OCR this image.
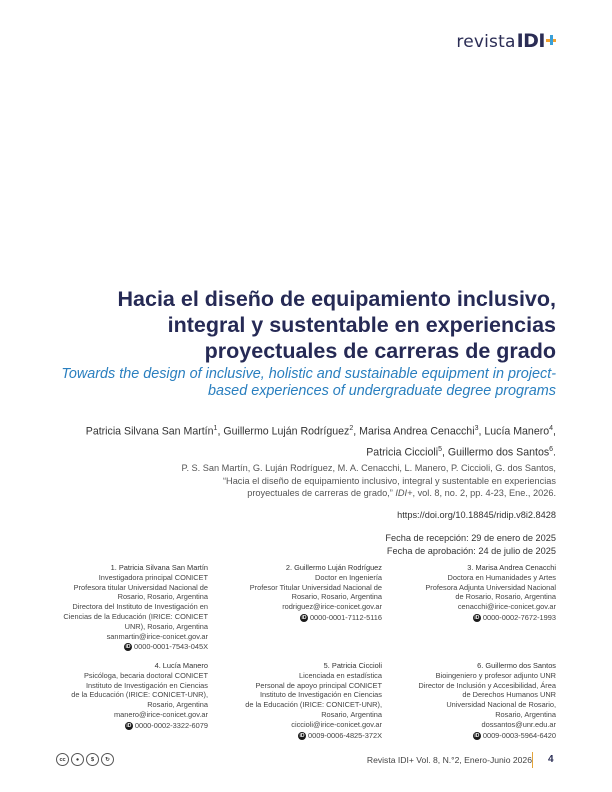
revista IDI
Hacia el diseño de equipamiento inclusivo, integral y sustentable en experiencias proyectuales de carreras de grado

Towards the design of inclusive, holistic and sustainable equipment in project-based experiences of undergraduate degree programs

Patricia Silvana San Martín$^1$, Guillermo Luján Rodríguez$^2$, Marisa Andrea Cenacchi$^3$, Lucía Manero$^4$,
Patricia Ciccioli$^5$, Guillermo dos Santos$^6$.
P. S. San Martín, G. Luján Rodríguez, M. A. Cenacchi, L. Manero, P. Ciccioli, G. dos Santos,
“Hacia el diseño de equipamiento inclusivo, integral y sustentable en experiencias
proyectuales de carreras de grado,” IDI+, vol. 8, no. 2, pp. 4-23, Ene., 2026.
https://doi.org/10.18845/ridip.v8i2.8428
Fecha de recepción: 29 de enero de 2025
Fecha de aprobación: 24 de julio de 2025
1. Patricia Silvana San Martín
Investigadora principal CONICET
Profesora titular Universidad Nacional de
Rosario, Rosario, Argentina
Directora del Instituto de Investigación en
Ciencias de la Educación (IRICE: CONICET
UNR), Rosario, Argentina
sanmartin@irice-conicet.gov.ar
iD 0000-0001-7543-045X
2. Guillermo Luján Rodríguez
Doctor en Ingeniería
Profesor Titular Universidad Nacional de
Rosario, Rosario, Argentina
rodriguez@irice-conicet.gov.ar
iD 0000-0001-7112-5116
3. Marisa Andrea Cenacchi
Doctora en Humanidades y Artes
Profesora Adjunta Universidad Nacional
de Rosario, Rosario, Argentina
cenacchi@irice-conicet.gov.ar
iD 0000-0002-7672-1993
4. Lucía Manero
Psicóloga, becaria doctoral CONICET
Instituto de Investigación en Ciencias
de la Educación (IRICE: CONICET-UNR),
Rosario, Argentina
manero@irice-conicet.gov.ar
iD 0000-0002-3322-6079
5. Patricia Ciccioli
Licenciada en estadística
Personal de apoyo principal CONICET
Instituto de Investigación en Ciencias
de la Educación (IRICE: CONICET-UNR),
Rosario, Argentina
ciccioli@irice-conicet.gov.ar
iD 0009-0006-4825-372X
6. Guillermo dos Santos
Bioingeniero y profesor adjunto UNR
Director de Inclusión y Accesibilidad, Área
de Derechos Humanos UNR
Universidad Nacional de Rosario,
Rosario, Argentina
dossantos@unr.edu.ar
iD 0009-0003-5964-6420
cc	●	$	↻	Revista IDI+ Vol. 8, N.°2, Enero-Junio 2026 4
